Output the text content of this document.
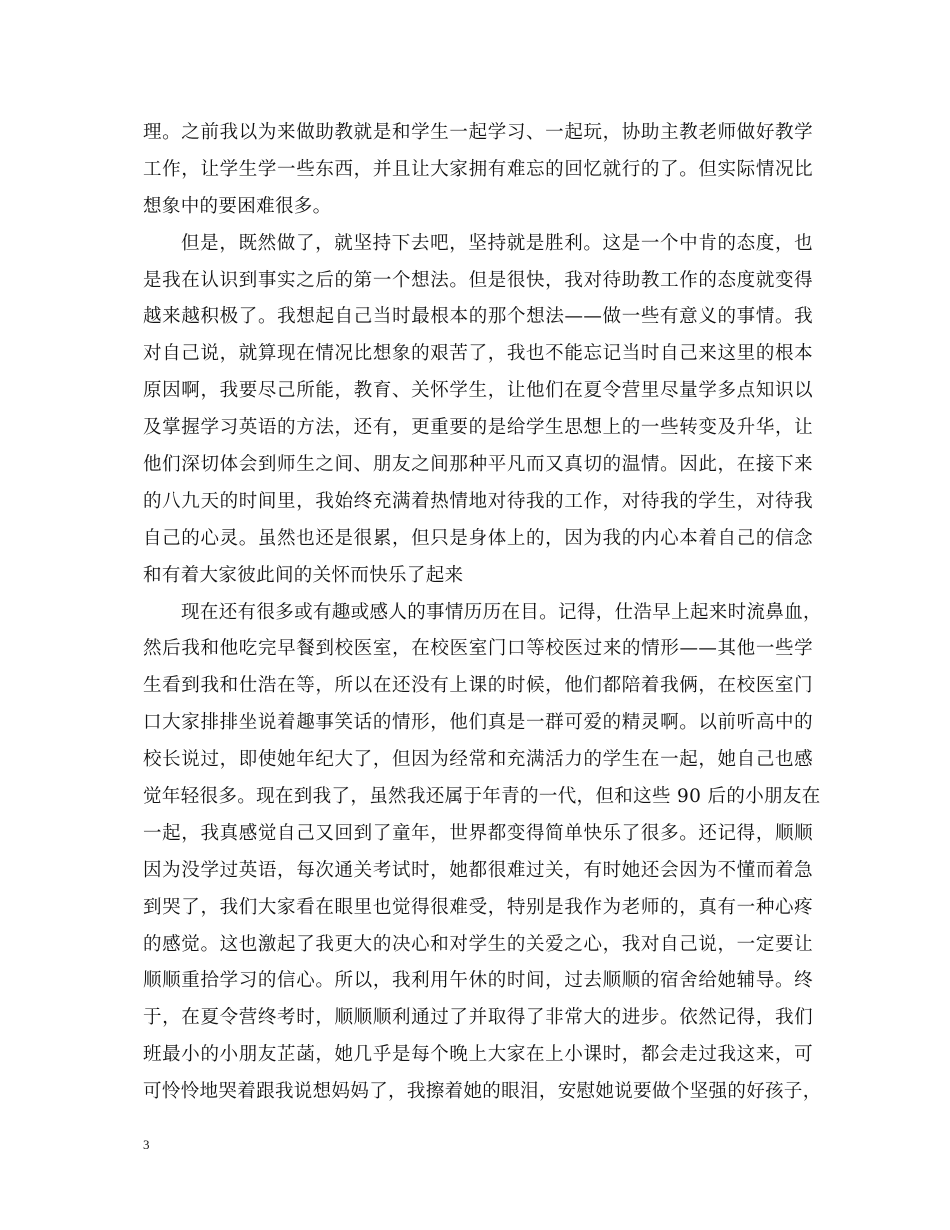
理。之前我以为来做助教就是和学生一起学习、一起玩，协助主教老师做好教学
工作，让学生学一些东西，并且让大家拥有难忘的回忆就行的了。但实际情况比
想象中的要困难很多。
但是，既然做了，就坚持下去吧，坚持就是胜利。这是一个中肯的态度，也
是我在认识到事实之后的第一个想法。但是很快，我对待助教工作的态度就变得
越来越积极了。我想起自己当时最根本的那个想法——做一些有意义的事情。我
对自己说，就算现在情况比想象的艰苦了，我也不能忘记当时自己来这里的根本
原因啊，我要尽己所能，教育、关怀学生，让他们在夏令营里尽量学多点知识以
及掌握学习英语的方法，还有，更重要的是给学生思想上的一些转变及升华，让
他们深切体会到师生之间、朋友之间那种平凡而又真切的温情。因此，在接下来
的八九天的时间里，我始终充满着热情地对待我的工作，对待我的学生，对待我
自己的心灵。虽然也还是很累，但只是身体上的，因为我的内心本着自己的信念
和有着大家彼此间的关怀而快乐了起来
现在还有很多或有趣或感人的事情历历在目。记得，仕浩早上起来时流鼻血，
然后我和他吃完早餐到校医室，在校医室门口等校医过来的情形——其他一些学
生看到我和仕浩在等，所以在还没有上课的时候，他们都陪着我俩，在校医室门
口大家排排坐说着趣事笑话的情形，他们真是一群可爱的精灵啊。以前听高中的
校长说过，即使她年纪大了，但因为经常和充满活力的学生在一起，她自己也感
觉年轻很多。现在到我了，虽然我还属于年青的一代，但和这些 90 后的小朋友在
一起，我真感觉自己又回到了童年，世界都变得简单快乐了很多。还记得，顺顺
因为没学过英语，每次通关考试时，她都很难过关，有时她还会因为不懂而着急
到哭了，我们大家看在眼里也觉得很难受，特别是我作为老师的，真有一种心疼
的感觉。这也激起了我更大的决心和对学生的关爱之心，我对自己说，一定要让
顺顺重拾学习的信心。所以，我利用午休的时间，过去顺顺的宿舍给她辅导。终
于，在夏令营终考时，顺顺顺利通过了并取得了非常大的进步。依然记得，我们
班最小的小朋友芷菡，她几乎是每个晚上大家在上小课时，都会走过我这来，可
可怜怜地哭着跟我说想妈妈了，我擦着她的眼泪，安慰她说要做个坚强的好孩子，
3
